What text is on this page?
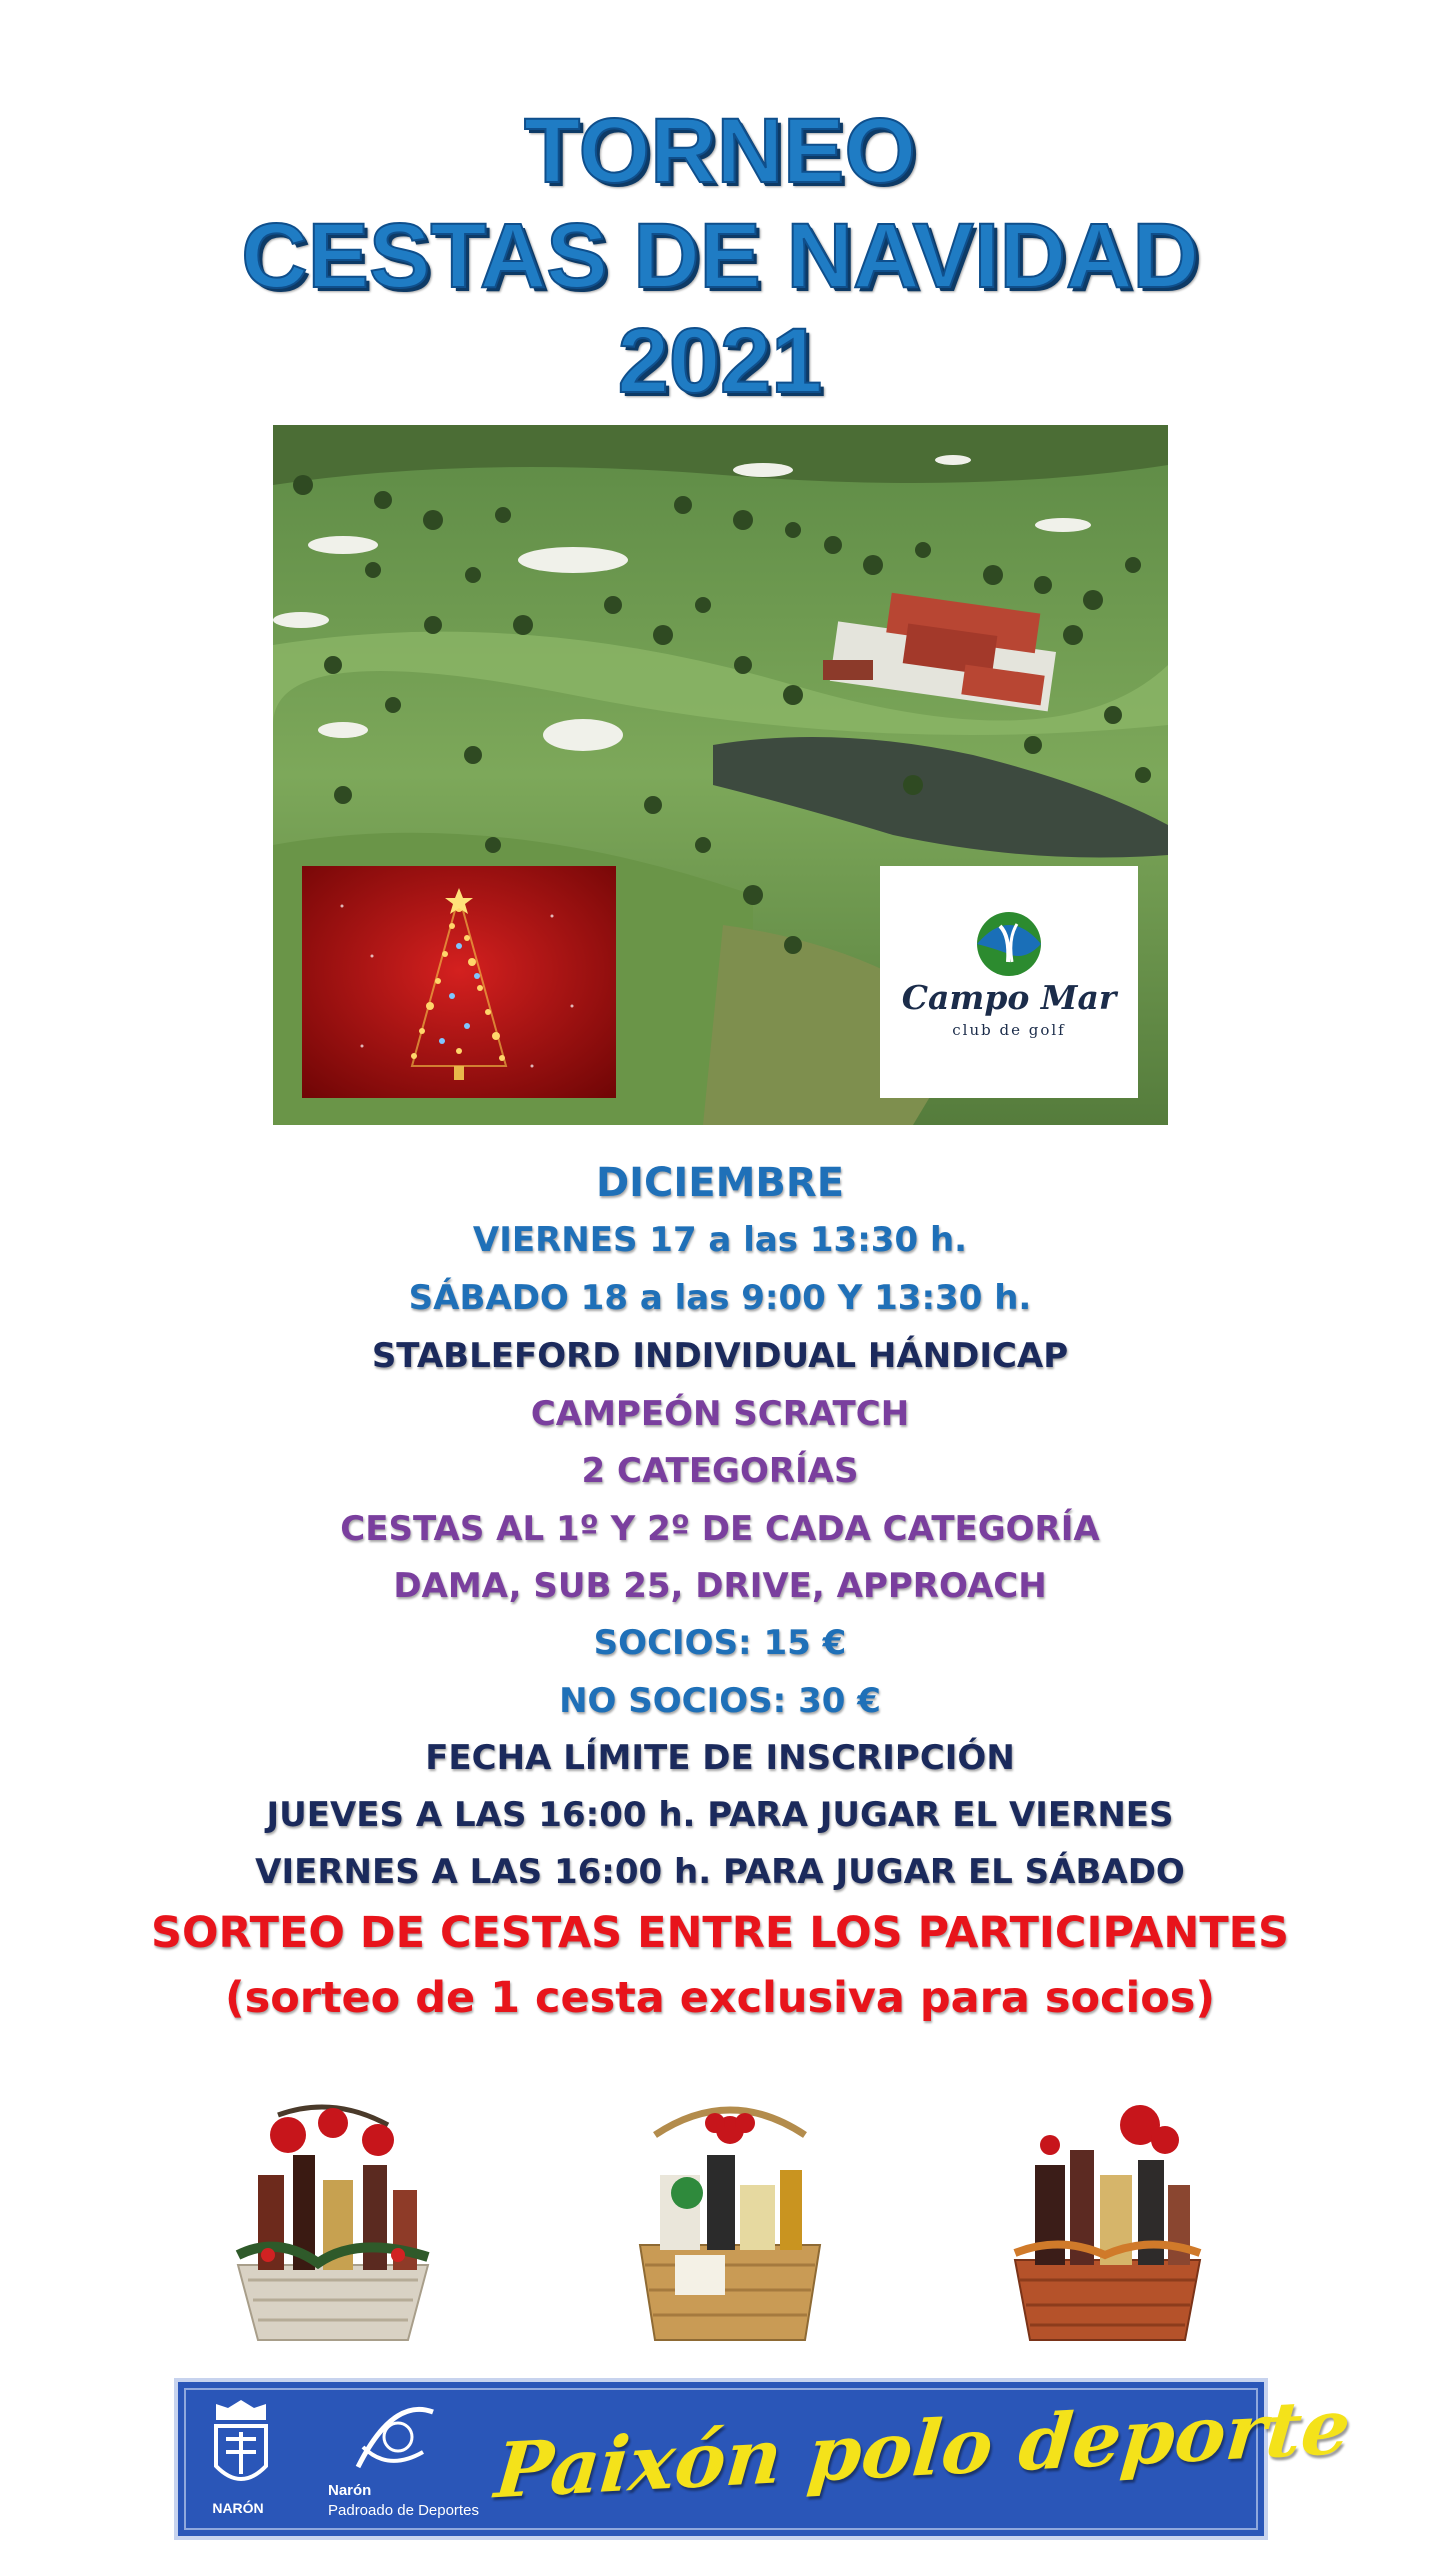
TORNEO
CESTAS DE NAVIDAD
2021
Campo Mar
club de golf
DICIEMBRE
VIERNES 17 a las 13:30 h.
SÁBADO 18 a las 9:00 Y 13:30 h.
STABLEFORD INDIVIDUAL HÁNDICAP
CAMPEÓN SCRATCH
2 CATEGORÍAS
CESTAS AL 1º Y 2º DE CADA CATEGORÍA
DAMA, SUB 25, DRIVE, APPROACH
SOCIOS: 15 €
NO SOCIOS: 30 €
FECHA LÍMITE DE INSCRIPCIÓN
JUEVES A LAS 16:00 h. PARA JUGAR EL VIERNES
VIERNES A LAS 16:00 h. PARA JUGAR EL SÁBADO
SORTEO DE CESTAS ENTRE LOS PARTICIPANTES
(sorteo de 1 cesta exclusiva para socios)
NARÓN
Narón
Padroado de Deportes Paixón polo deporte
